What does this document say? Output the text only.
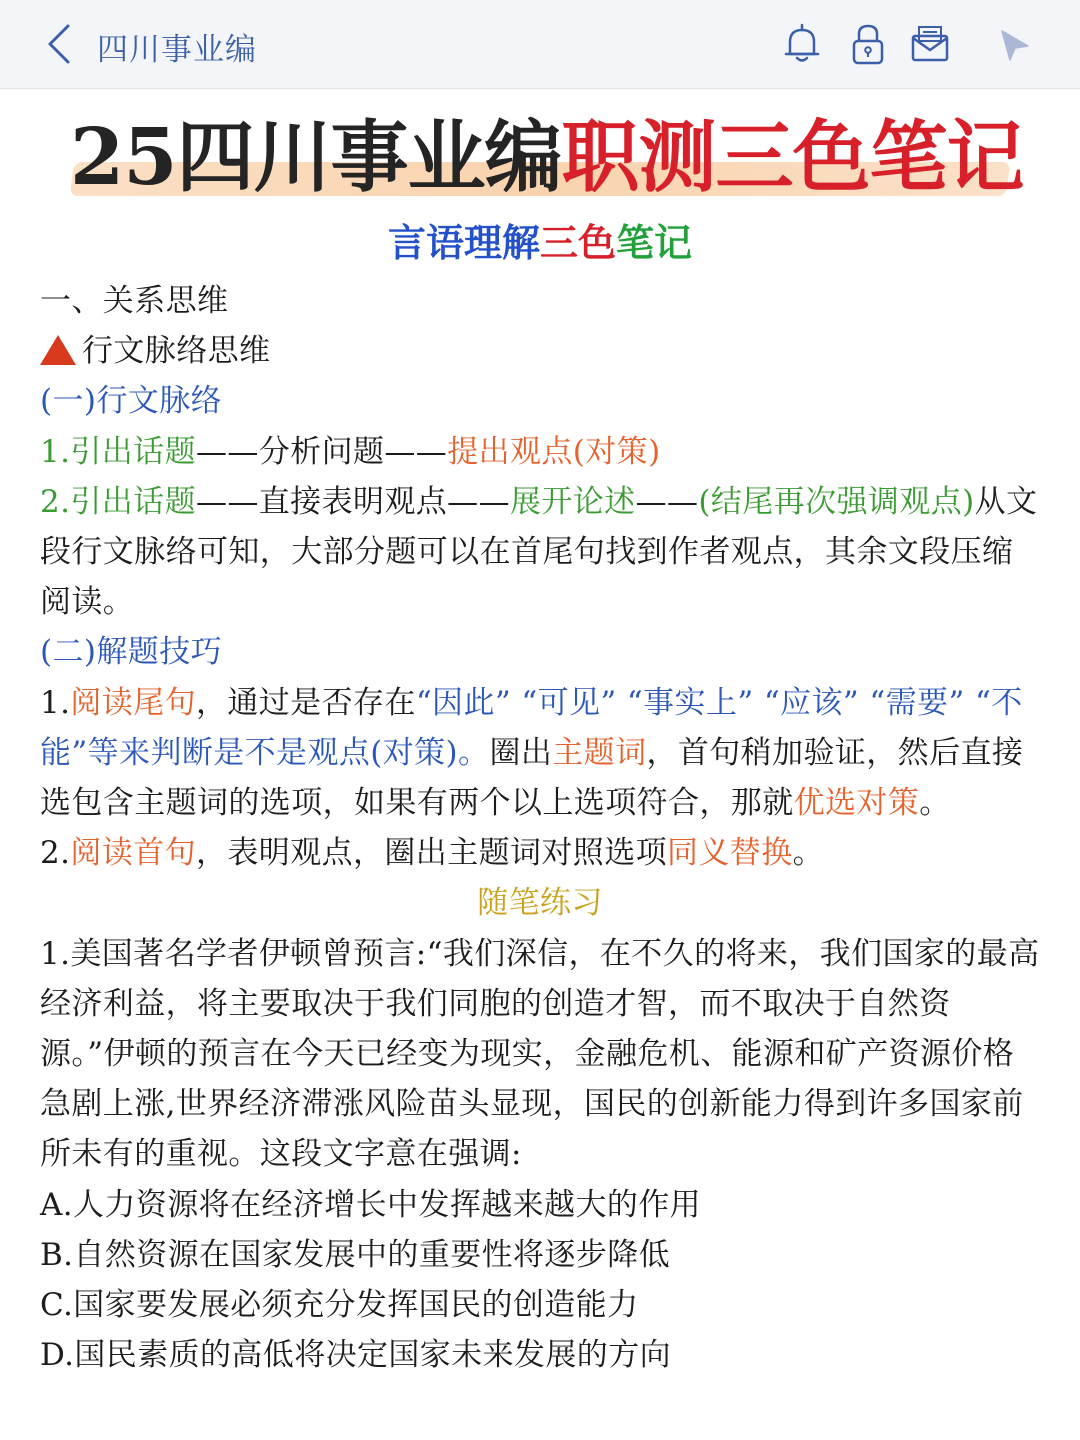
四川事业编
25四川事业编职测三色笔记
言语理解三色笔记

一、关系思维

行文脉络思维

(一)行文脉络

1.引出话题——分析问题——提出观点(对策)

2.引出话题——直接表明观点——展开论述——(结尾再次强调观点)从文段行文脉络可知，大部分题可以在首尾句找到作者观点，其余文段压缩阅读。

(二)解题技巧

1.阅读尾句，通过是否存在“因此” “可见” “事实上” “应该” “需要” “不能”等来判断是不是观点(对策)。圈出主题词，首句稍加验证，然后直接选包含主题词的选项，如果有两个以上选项符合，那就优选对策。

2.阅读首句，表明观点，圈出主题词对照选项同义替换。

随笔练习

1.美国著名学者伊顿曾预言:“我们深信，在不久的将来，我们国家的最高经济利益，将主要取决于我们同胞的创造才智，而不取决于自然资源。”伊顿的预言在今天已经变为现实，金融危机、能源和矿产资源价格急剧上涨,世界经济滞涨风险苗头显现，国民的创新能力得到许多国家前所未有的重视。这段文字意在强调:

A.人力资源将在经济增长中发挥越来越大的作用

B.自然资源在国家发展中的重要性将逐步降低

C.国家要发展必须充分发挥国民的创造能力

D.国民素质的高低将决定国家未来发展的方向
